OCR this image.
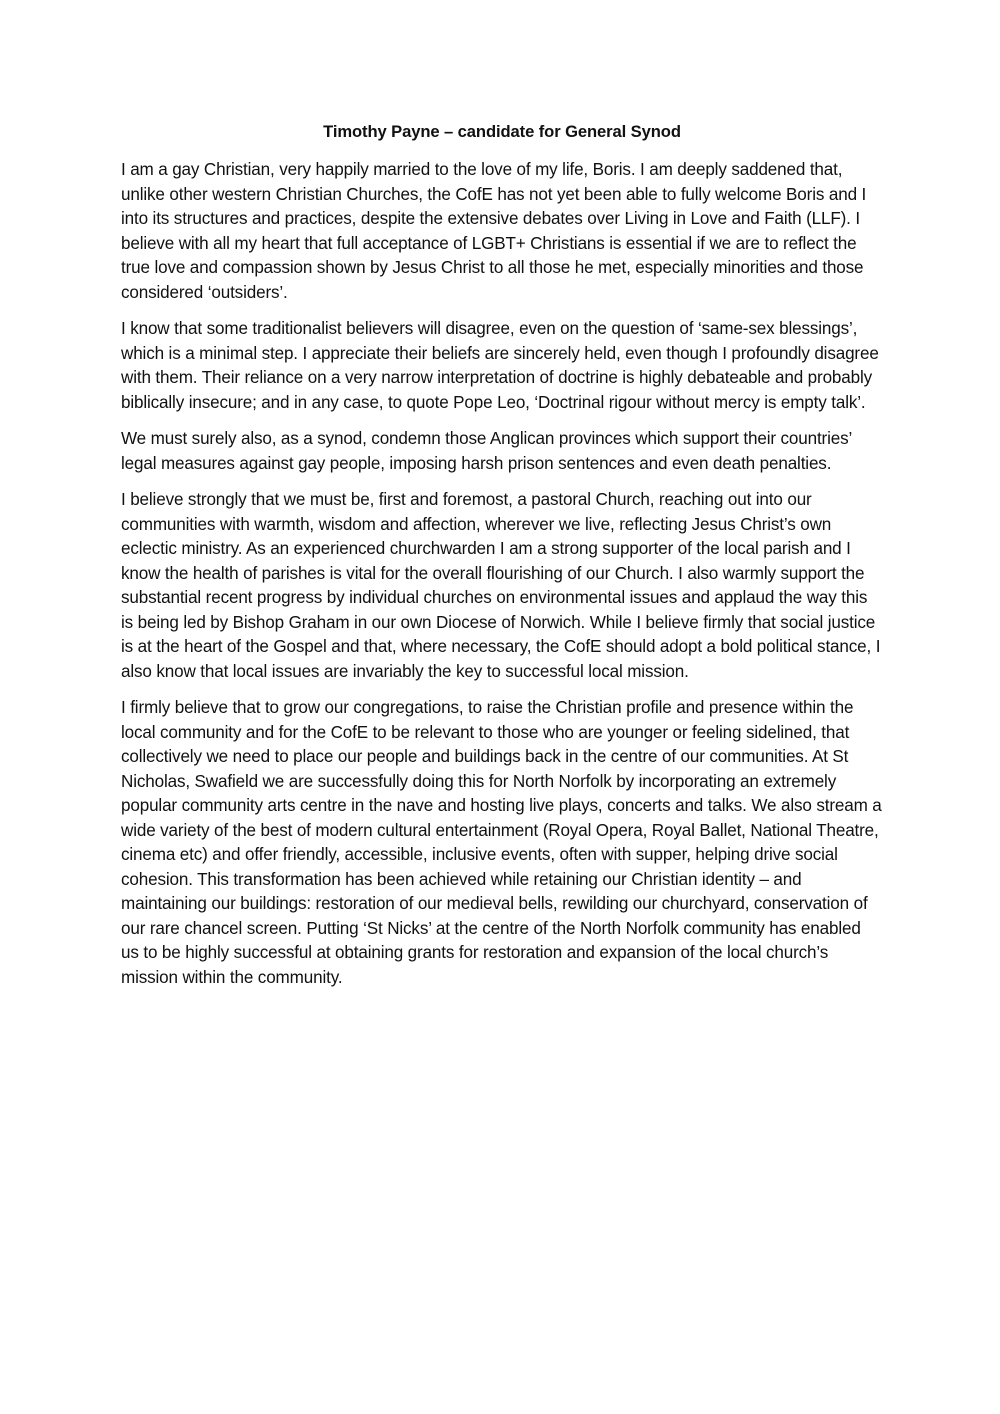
Timothy Payne – candidate for General Synod

I am a gay Christian, very happily married to the love of my life, Boris. I am deeply saddened that, unlike other western Christian Churches, the CofE has not yet been able to fully welcome Boris and I into its structures and practices, despite the extensive debates over Living in Love and Faith (LLF). I believe with all my heart that full acceptance of LGBT+ Christians is essential if we are to reflect the true love and compassion shown by Jesus Christ to all those he met, especially minorities and those considered ‘outsiders’.

I know that some traditionalist believers will disagree, even on the question of ‘same-sex blessings’, which is a minimal step. I appreciate their beliefs are sincerely held, even though I profoundly disagree with them. Their reliance on a very narrow interpretation of doctrine is highly debateable and probably biblically insecure; and in any case, to quote Pope Leo, ‘Doctrinal rigour without mercy is empty talk’.

We must surely also, as a synod, condemn those Anglican provinces which support their countries’ legal measures against gay people, imposing harsh prison sentences and even death penalties.

I believe strongly that we must be, first and foremost, a pastoral Church, reaching out into our communities with warmth, wisdom and affection, wherever we live, reflecting Jesus Christ’s own eclectic ministry. As an experienced churchwarden I am a strong supporter of the local parish and I know the health of parishes is vital for the overall flourishing of our Church. I also warmly support the substantial recent progress by individual churches on environmental issues and applaud the way this is being led by Bishop Graham in our own Diocese of Norwich. While I believe firmly that social justice is at the heart of the Gospel and that, where necessary, the CofE should adopt a bold political stance, I also know that local issues are invariably the key to successful local mission.

I firmly believe that to grow our congregations, to raise the Christian profile and presence within the local community and for the CofE to be relevant to those who are younger or feeling sidelined, that collectively we need to place our people and buildings back in the centre of our communities. At St Nicholas, Swafield we are successfully doing this for North Norfolk by incorporating an extremely popular community arts centre in the nave and hosting live plays, concerts and talks. We also stream a wide variety of the best of modern cultural entertainment (Royal Opera, Royal Ballet, National Theatre, cinema etc) and offer friendly, accessible, inclusive events, often with supper, helping drive social cohesion. This transformation has been achieved while retaining our Christian identity – and maintaining our buildings: restoration of our medieval bells, rewilding our churchyard, conservation of our rare chancel screen. Putting ‘St Nicks’ at the centre of the North Norfolk community has enabled us to be highly successful at obtaining grants for restoration and expansion of the local church’s mission within the community.
